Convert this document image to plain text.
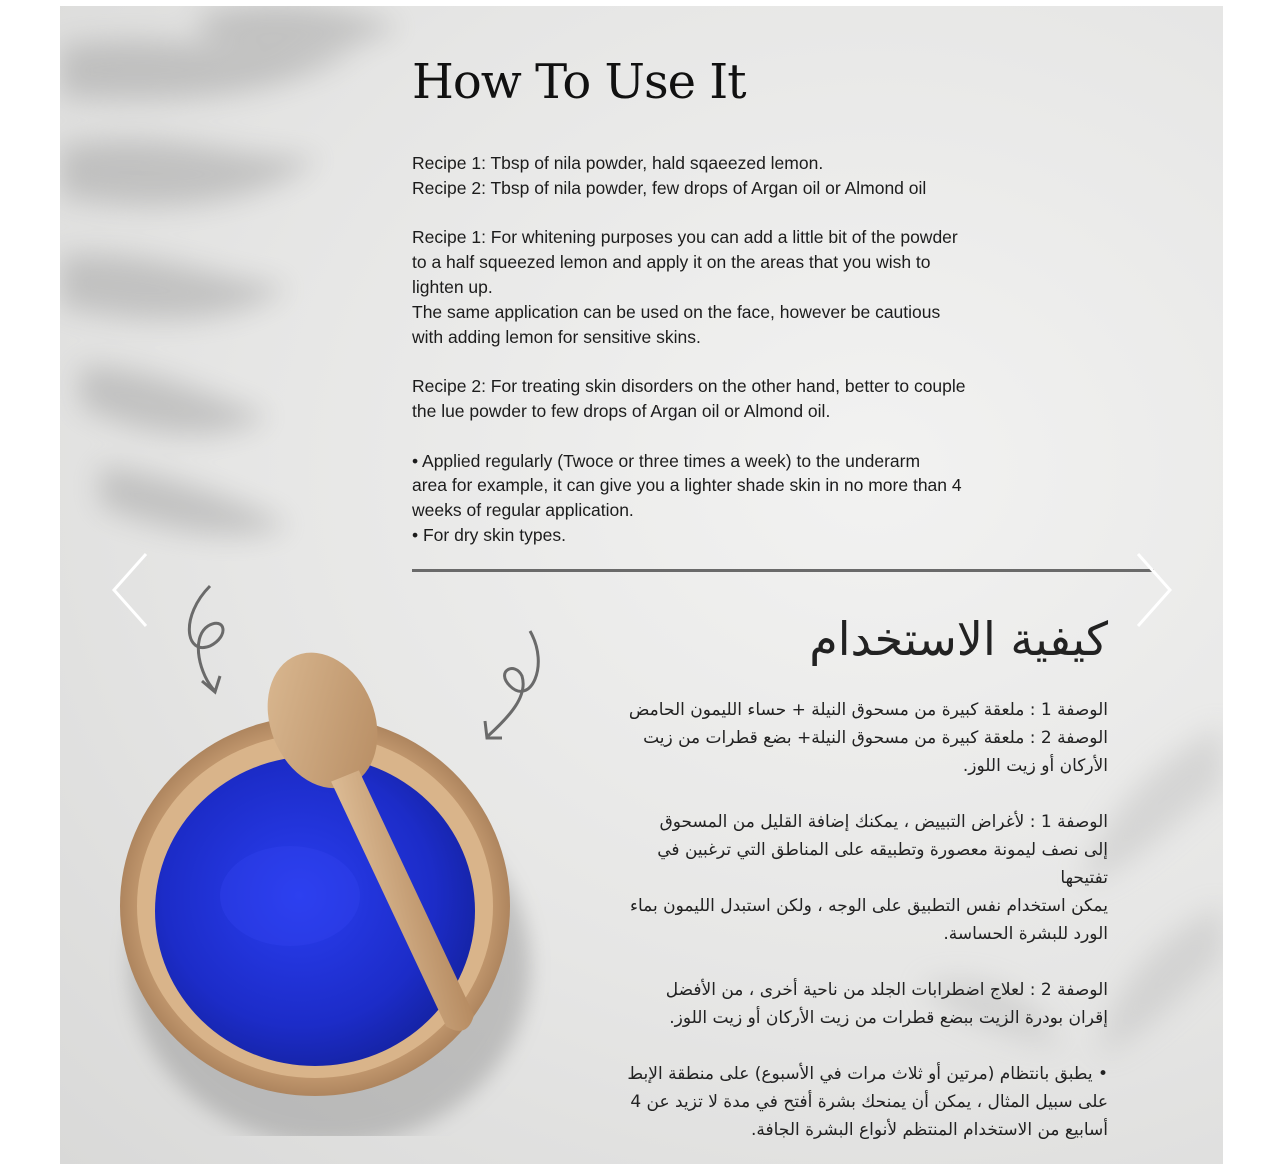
How To Use It

Recipe 1: Tbsp of nila powder, hald sqaeezed lemon.

Recipe 2: Tbsp of nila powder, few drops of Argan oil or Almond oil

Recipe 1: For whitening purposes you can add a little bit of the powder

to a half squeezed lemon and apply it on the areas that you wish to

lighten up.

The same application can be used on the face, however be cautious

with adding lemon for sensitive skins.

Recipe 2: For treating skin disorders on the other hand, better to couple

the lue powder to few drops of Argan oil or Almond oil.

• Applied regularly (Twoce or three times a week) to the underarm

area for example, it can give you a lighter shade skin in no more than 4

weeks of regular application.

• For dry skin types.

كيفية الاستخدام

الوصفة 1 : ملعقة كبيرة من مسحوق النيلة + حساء الليمون الحامض

الوصفة 2 : ملعقة كبيرة من مسحوق النيلة+ بضع قطرات من زيت

الأركان أو زيت اللوز.

الوصفة 1 : لأغراض التبييض ، يمكنك إضافة القليل من المسحوق

إلى نصف ليمونة معصورة وتطبيقه على المناطق التي ترغبين في

تفتيحها

يمكن استخدام نفس التطبيق على الوجه ، ولكن استبدل الليمون بماء

الورد للبشرة الحساسة.

الوصفة 2 : لعلاج اضطرابات الجلد من ناحية أخرى ، من الأفضل

إقران بودرة الزيت ببضع قطرات من زيت الأركان أو زيت اللوز.

• يطبق بانتظام (مرتين أو ثلاث مرات في الأسبوع) على منطقة الإبط

على سبيل المثال ، يمكن أن يمنحك بشرة أفتح في مدة لا تزيد عن 4

أسابيع من الاستخدام المنتظم لأنواع البشرة الجافة.
